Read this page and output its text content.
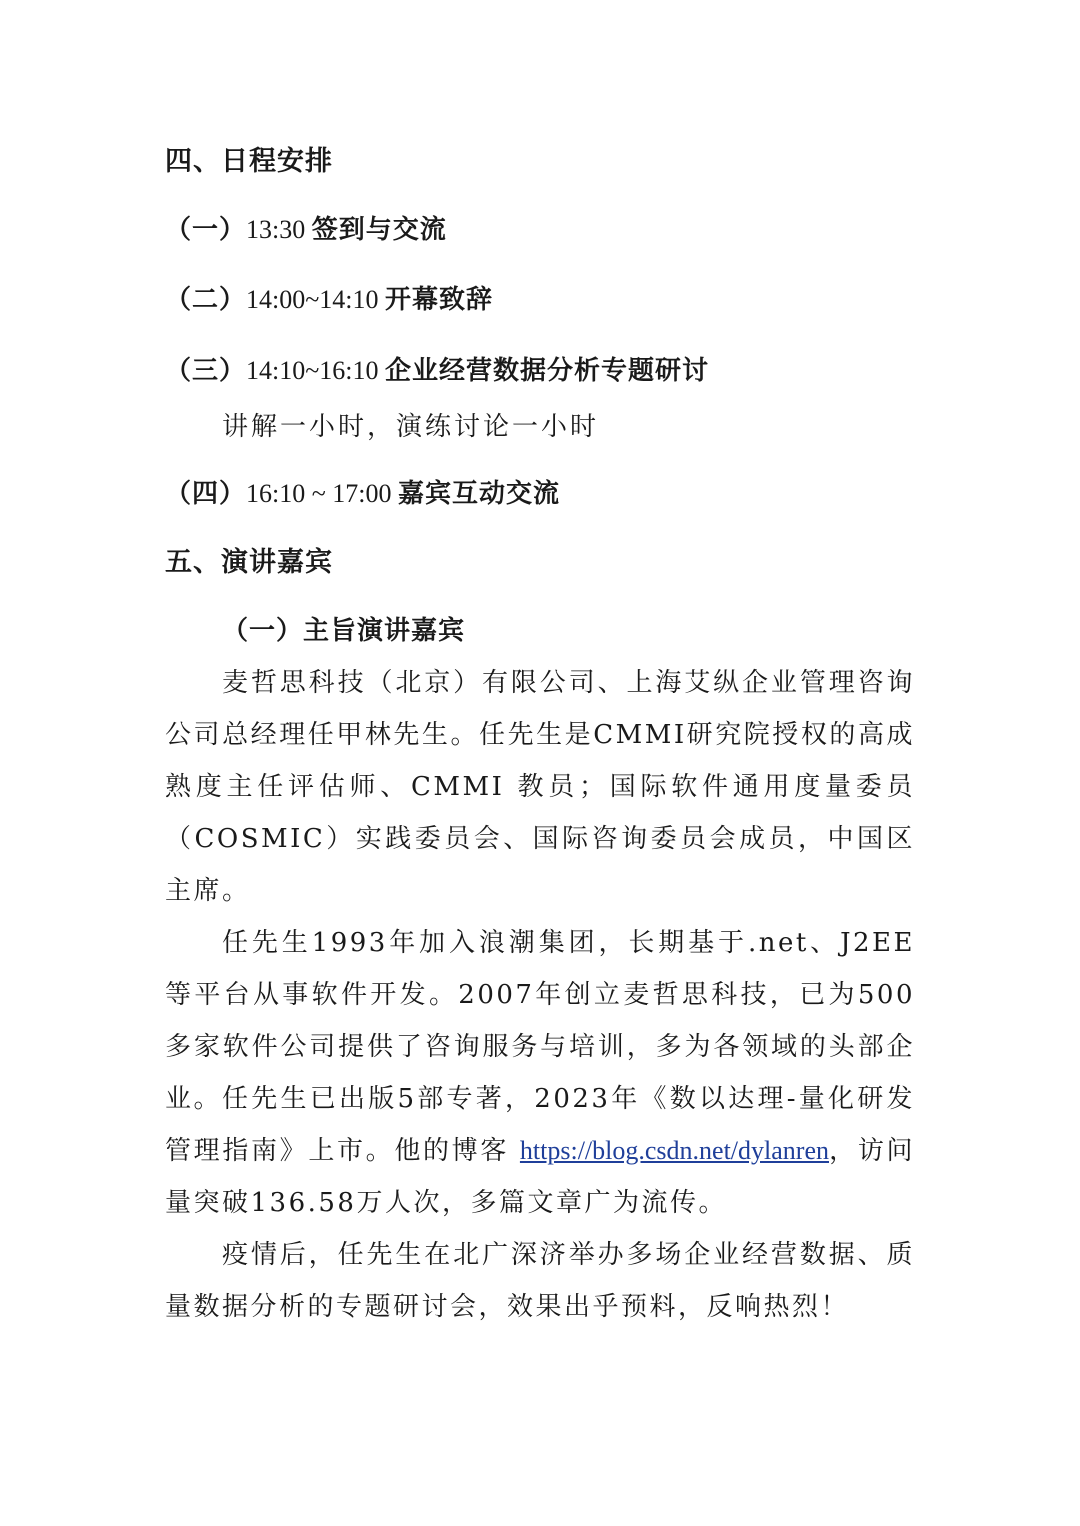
四、日程安排
（一）13:30 签到与交流
（二）14:00~14:10 开幕致辞
（三）14:10~16:10 企业经营数据分析专题研讨
讲解一小时，演练讨论一小时
（四）16:10 ~ 17:00 嘉宾互动交流
五、演讲嘉宾
（一）主旨演讲嘉宾

麦哲思科技（北京）有限公司、上海艾纵企业管理咨询公司总经理任甲林先生。任先生是CMMI研究院授权的高成熟度主任评估师、CMMI 教员；国际软件通用度量委员（COSMIC）实践委员会、国际咨询委员会成员，中国区主席。

任先生1993年加入浪潮集团，长期基于.net、J2EE等平台从事软件开发。2007年创立麦哲思科技，已为500多家软件公司提供了咨询服务与培训，多为各领域的头部企业。 任先生已出版5部专著，2023年《数以达理-量化研发管理指南》上市。他的博客 https://blog.csdn.net/dylanren，访问量突破136.58万人次，多篇文章广为流传。

疫情后，任先生在北广深济举办多场企业经营数据、质量数据分析的专题研讨会，效果出乎预料，反响热烈！
